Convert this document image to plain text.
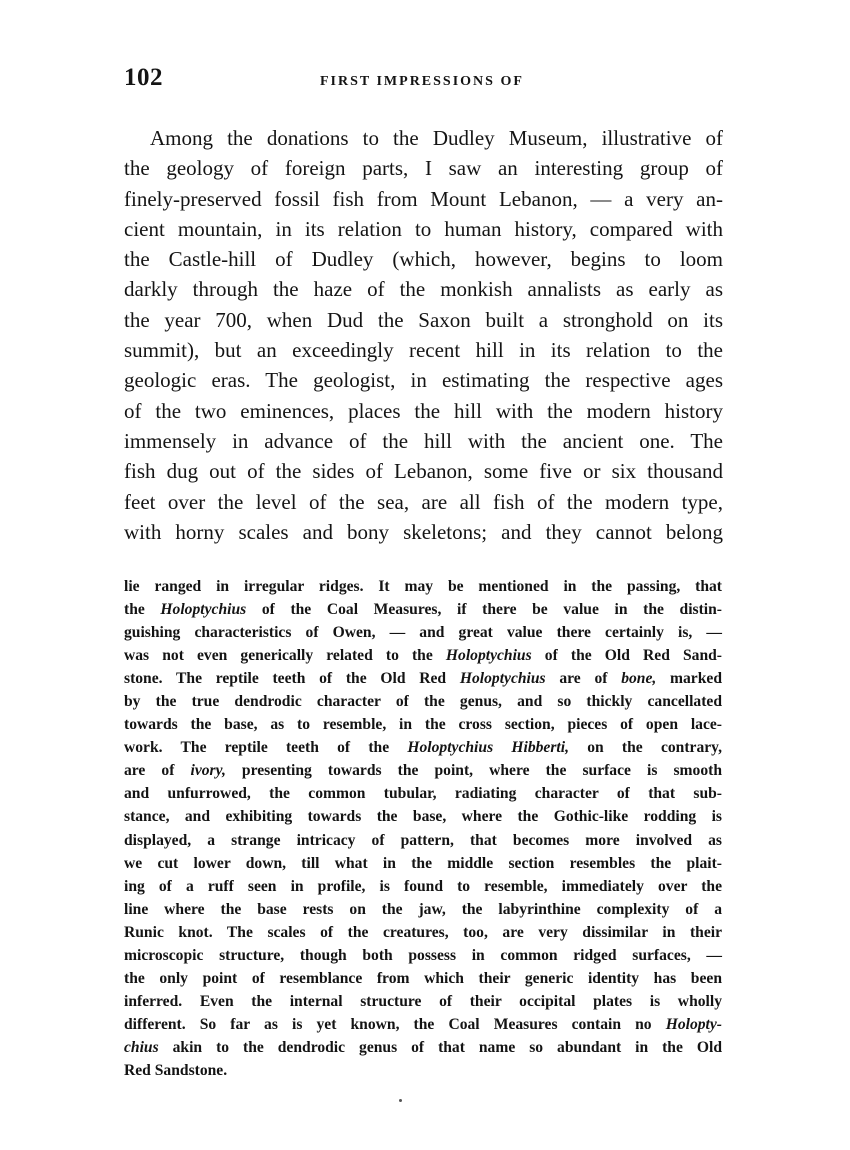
102	FIRST IMPRESSIONS OF
Among the donations to the Dudley Museum, illustrative of
the geology of foreign parts, I saw an interesting group of
finely-preserved fossil fish from Mount Lebanon, — a very an-
cient mountain, in its relation to human history, compared with
the Castle-hill of Dudley (which, however, begins to loom
darkly through the haze of the monkish annalists as early as
the year 700, when Dud the Saxon built a stronghold on its
summit), but an exceedingly recent hill in its relation to the
geologic eras. The geologist, in estimating the respective ages
of the two eminences, places the hill with the modern history
immensely in advance of the hill with the ancient one. The
fish dug out of the sides of Lebanon, some five or six thousand
feet over the level of the sea, are all fish of the modern type,
with horny scales and bony skeletons; and they cannot belong
lie ranged in irregular ridges. It may be mentioned in the passing, that
the Holoptychius of the Coal Measures, if there be value in the distin-
guishing characteristics of Owen, — and great value there certainly is, —
was not even generically related to the Holoptychius of the Old Red Sand-
stone. The reptile teeth of the Old Red Holoptychius are of bone, marked
by the true dendrodic character of the genus, and so thickly cancellated
towards the base, as to resemble, in the cross section, pieces of open lace-
work. The reptile teeth of the Holoptychius Hibberti, on the contrary,
are of ivory, presenting towards the point, where the surface is smooth
and unfurrowed, the common tubular, radiating character of that sub-
stance, and exhibiting towards the base, where the Gothic-like rodding is
displayed, a strange intricacy of pattern, that becomes more involved as
we cut lower down, till what in the middle section resembles the plait-
ing of a ruff seen in profile, is found to resemble, immediately over the
line where the base rests on the jaw, the labyrinthine complexity of a
Runic knot. The scales of the creatures, too, are very dissimilar in their
microscopic structure, though both possess in common ridged surfaces, —
the only point of resemblance from which their generic identity has been
inferred. Even the internal structure of their occipital plates is wholly
different. So far as is yet known, the Coal Measures contain no Holopty-
chius akin to the dendrodic genus of that name so abundant in the Old
Red Sandstone.
